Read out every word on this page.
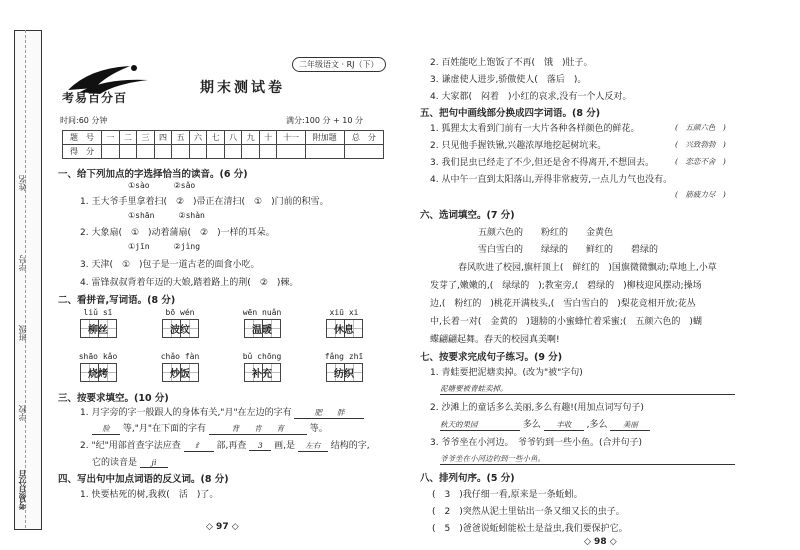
姓名
学号
班级
学校
考易百分百
考易百分百
期末测试卷
二年级语文 · RJ（下）
时间:60 分钟	满分:100 分 + 10 分
题　号	一	二	三	四	五	六	七	八	九	十	十一	附加题	总　分
得　分													
一、给下列加点的字选择恰当的读音。(6 分)
①sào　　　②sǎo
1. 王大爷手里拿着扫(　②　)帚正在清扫(　①　)门前的积雪。
①shān　　　②shàn
2. 大象扇(　①　)动着蒲扇(　②　)一样的耳朵。
①jīn　　　②jìng
3. 天津(　①　)包子是一道古老的面食小吃。
4. 雷锋叔叔背着年迈的大娘,踏着路上的荆(　②　)棘。
二、看拼音,写词语。(8 分)
liǔ sī
柳丝
bō wén
波纹
wēn nuǎn
温暖
xiū xi
休息
shāo kǎo
烧烤
chǎo fàn
炒饭
bǔ chōng
补充
fǎng zhī
纺织
三、按要求填空。(10 分)
1. 月字旁的字一般跟人的身体有关,"月"在左边的字有	肥　　胖
脸 等,"月"在下面的字有	背　　肯　　育	等。
2. "纪"用部首查字法应查 纟 部,再查 3 画,是 左右 结构的字,
它的读音是 jì
四、写出句中加点词语的反义词。(8 分)
1. 快要枯死的树,我救(　活　)了。
◇ 97 ◇
2. 百姓能吃上饱饭了不再(　饿　)肚子。
3. 谦虚使人进步,骄傲使人(　落后　)。
4. 大家都(　闷着　)小红的哀求,没有一个人反对。
五、把句中画线部分换成四字词语。(8 分)
1. 狐狸太太看到门前有一大片各种各样颜色的鲜花。	(　五颜六色　)
2. 只见他手握铁锹,兴趣浓厚地挖起树坑来。	(　兴致勃勃　)
3. 我们昆虫已经走了不少,但还是舍不得离开,不想回去。	(　恋恋不舍　)
4. 从中午一直到太阳落山,弄得非常疲劳,一点儿力气也没有。
(　筋疲力尽　)
六、选词填空。(7 分)
五颜六色的　　粉红的　　金黄色
雪白雪白的　　绿绿的　　鲜红的　　碧绿的
春风吹进了校园,旗杆顶上(　鲜红的　)国旗微微飘动;草地上,小草
发芽了,嫩嫩的,(　绿绿的　);教室旁,(　碧绿的　)柳枝迎风摆动;操场
边,(　粉红的　)桃花开满枝头,(　雪白雪白的　)梨花竞相开放;花丛
中,长着一对(　金黄的　)翅膀的小蜜蜂忙着采蜜;(　五颜六色的　)蝴
蝶翩翩起舞。春天的校园真美啊!
七、按要求完成句子练习。(9 分)
1. 青蛙要把泥塘卖掉。(改为"被"字句)
泥塘要被青蛙卖掉。
2. 沙滩上的童话多么美丽,多么有趣!(用加点词写句子)
秋天的果园	多么 丰收 ,多么 美丽
3. 爷爷坐在小河边。　爷爷钓到一些小鱼。(合并句子)
爷爷坐在小河边钓到一些小鱼。
八、排列句序。(5 分)
(　3　)我仔细一看,原来是一条蚯蚓。
(　2　)突然从泥土里钻出一条又细又长的虫子。
(　5　)爸爸说蚯蚓能松土是益虫,我们要保护它。
◇ 98 ◇
